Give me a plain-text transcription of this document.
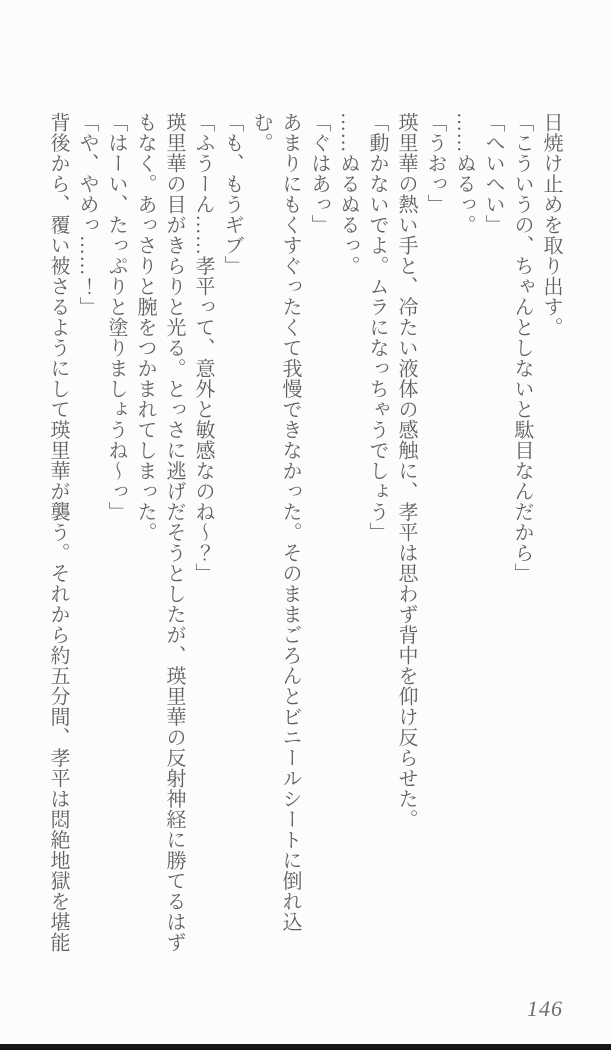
日焼け止めを取り出す。

「こういうの、ちゃんとしないと駄目なんだから」

「へいへい」

……ぬるっ。

「うおっ」

瑛里華の熱い手と、冷たい液体の感触に、孝平は思わず背中を仰け反らせた。

「動かないでよ。ムラになっちゃうでしょう」

……ぬるぬるっ。

「ぐはあっ」

あまりにもくすぐったくて我慢できなかった。そのままごろんとビニールシートに倒れ込む。

「も、もうギブ」

「ふうーん……孝平って、意外と敏感なのね～？」

瑛里華の目がきらりと光る。とっさに逃げだそうとしたが、瑛里華の反射神経に勝てるはずもなく。あっさりと腕をつかまれてしまった。

「はーい、たっぷりと塗りましょうね～っ」

「や、やめっ……！」

背後から、覆い被さるようにして瑛里華が襲う。それから約五分間、孝平は悶絶地獄を堪能

146
